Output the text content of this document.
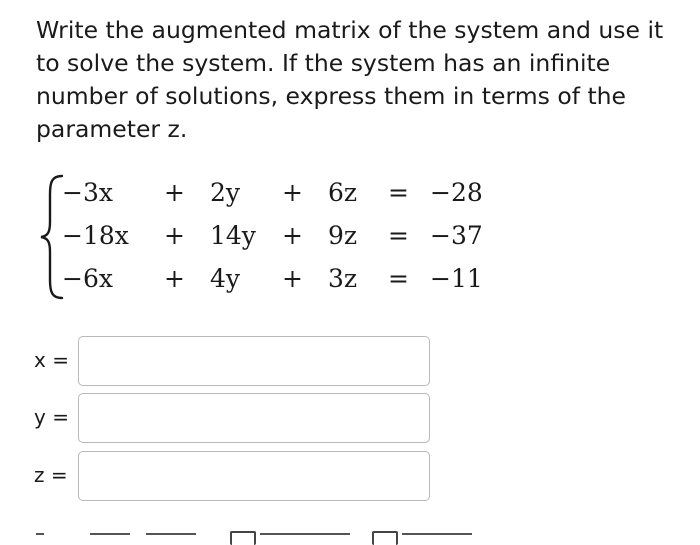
Write the augmented matrix of the system and use it to solve the system. If the system has an infinite number of solutions, express them in terms of the parameter z.

−3x + 2y + 6z = −28
−18x + 14y + 9z = −37
−6x + 4y + 3z = −11
x =
y =
z =
